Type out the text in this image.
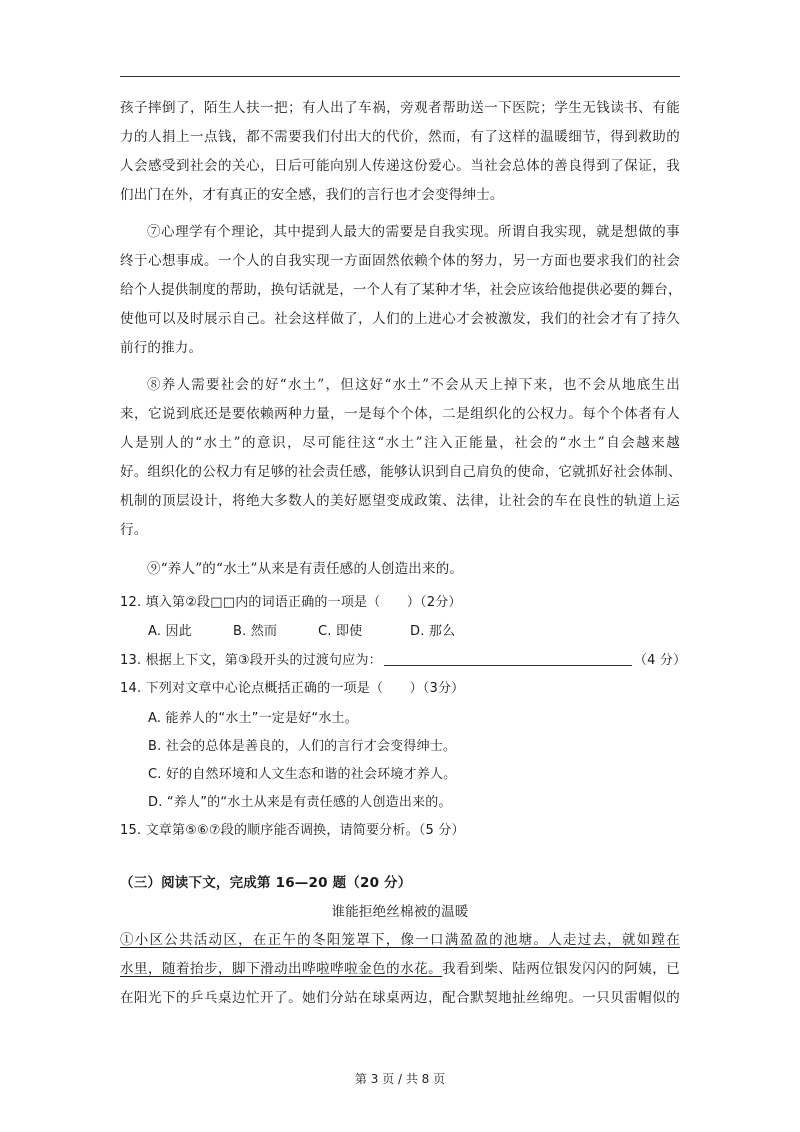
孩子摔倒了，陌生人扶一把；有人出了车祸，旁观者帮助送一下医院；学生无钱读书、有能
力的人捐上一点钱，都不需要我们付出大的代价，然而，有了这样的温暖细节，得到救助的
人会感受到社会的关心，日后可能向别人传递这份爱心。当社会总体的善良得到了保证，我
们出门在外，才有真正的安全感，我们的言行也才会变得绅士。
⑦心理学有个理论，其中提到人最大的需要是自我实现。所谓自我实现，就是想做的事
终于心想事成。一个人的自我实现一方面固然依赖个体的努力，另一方面也要求我们的社会
给个人提供制度的帮助，换句话就是，一个人有了某种才华，社会应该给他提供必要的舞台，
使他可以及时展示自己。社会这样做了，人们的上进心才会被激发，我们的社会才有了持久
前行的推力。
⑧养人需要社会的好“水土”，但这好“水土”不会从天上掉下来，也不会从地底生出
来，它说到底还是要依赖两种力量，一是每个个体，二是组织化的公权力。每个个体者有人
人是别人的“水土”的意识，尽可能往这“水土”注入正能量，社会的“水土”自会越来越
好。组织化的公权力有足够的社会责任感，能够认识到自己肩负的使命，它就抓好社会体制、
机制的顶层设计，将绝大多数人的美好愿望变成政策、法律，让社会的车在良性的轨道上运
行。
⑨“养人”的“水土”从来是有责任感的人创造出来的。
12. 填入第②段□□内的词语正确的一项是（　　）（2分）
A. 因此	B. 然而	C. 即使	D. 那么
13. 根据上下文，第③段开头的过渡句应为：	（4 分）
14. 下列对文章中心论点概括正确的一项是（　　）（3分）
A. 能养人的“水土”一定是好“水土。
B. 社会的总体是善良的，人们的言行才会变得绅士。
C. 好的自然环境和人文生态和谐的社会环境才养人。
D. “养人”的“水土从来是有责任感的人创造出来的。
15. 文章第⑤⑥⑦段的顺序能否调换，请简要分析。（5 分）
（三）阅读下文，完成第 16—20 题（20 分）
谁能拒绝丝棉被的温暖
①小区公共活动区，在正午的冬阳笼罩下，像一口满盈盈的池塘。人走过去，就如蹚在
水里，随着抬步，脚下滑动出哗啦哗啦金色的水花。我看到柴、陆两位银发闪闪的阿姨，已
在阳光下的乒乓桌边忙开了。她们分站在球桌两边，配合默契地扯丝绵兜。一只贝雷帽似的
第 3 页 / 共 8 页
